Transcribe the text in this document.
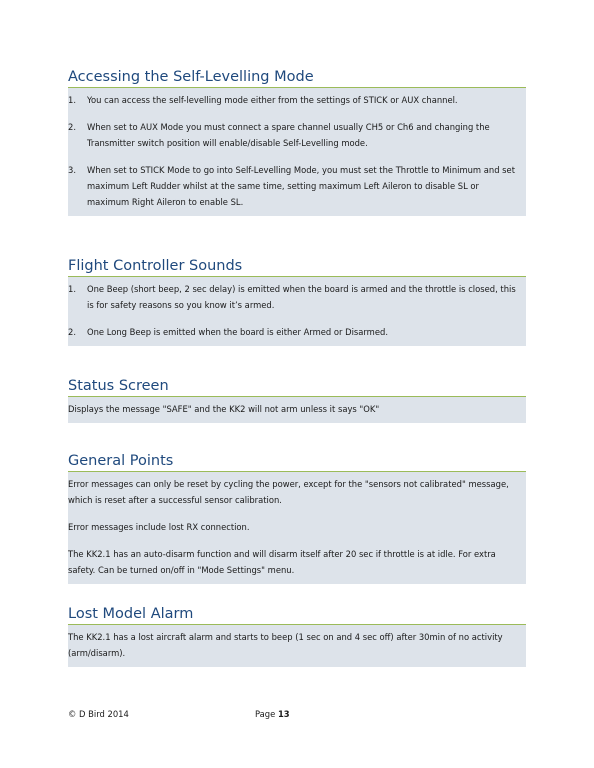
Accessing the Self-Levelling Mode
1.	You can access the self-levelling mode either from the settings of STICK or AUX channel.
2.	When set to AUX Mode you must connect a spare channel usually CH5 or Ch6 and changing the Transmitter switch position will enable/disable Self-Levelling mode.
3.	When set to STICK Mode to go into Self-Levelling Mode, you must set the Throttle to Minimum and set maximum Left Rudder whilst at the same time, setting maximum Left Aileron to disable SL or maximum Right Aileron to enable SL.
Flight Controller Sounds
1.	One Beep (short beep, 2 sec delay) is emitted when the board is armed and the throttle is closed, this is for safety reasons so you know it’s armed.
2.	One Long Beep is emitted when the board is either Armed or Disarmed.
Status Screen

Displays the message "SAFE" and the KK2 will not arm unless it says "OK"

General Points

Error messages can only be reset by cycling the power, except for the "sensors not calibrated" message, which is reset after a successful sensor calibration.

Error messages include lost RX connection.

The KK2.1 has an auto-disarm function and will disarm itself after 20 sec if throttle is at idle. For extra safety. Can be turned on/off in "Mode Settings" menu.

Lost Model Alarm

The KK2.1 has a lost aircraft alarm and starts to beep (1 sec on and 4 sec off) after 30min of no activity (arm/disarm).

© D Bird 2014	Page 13
